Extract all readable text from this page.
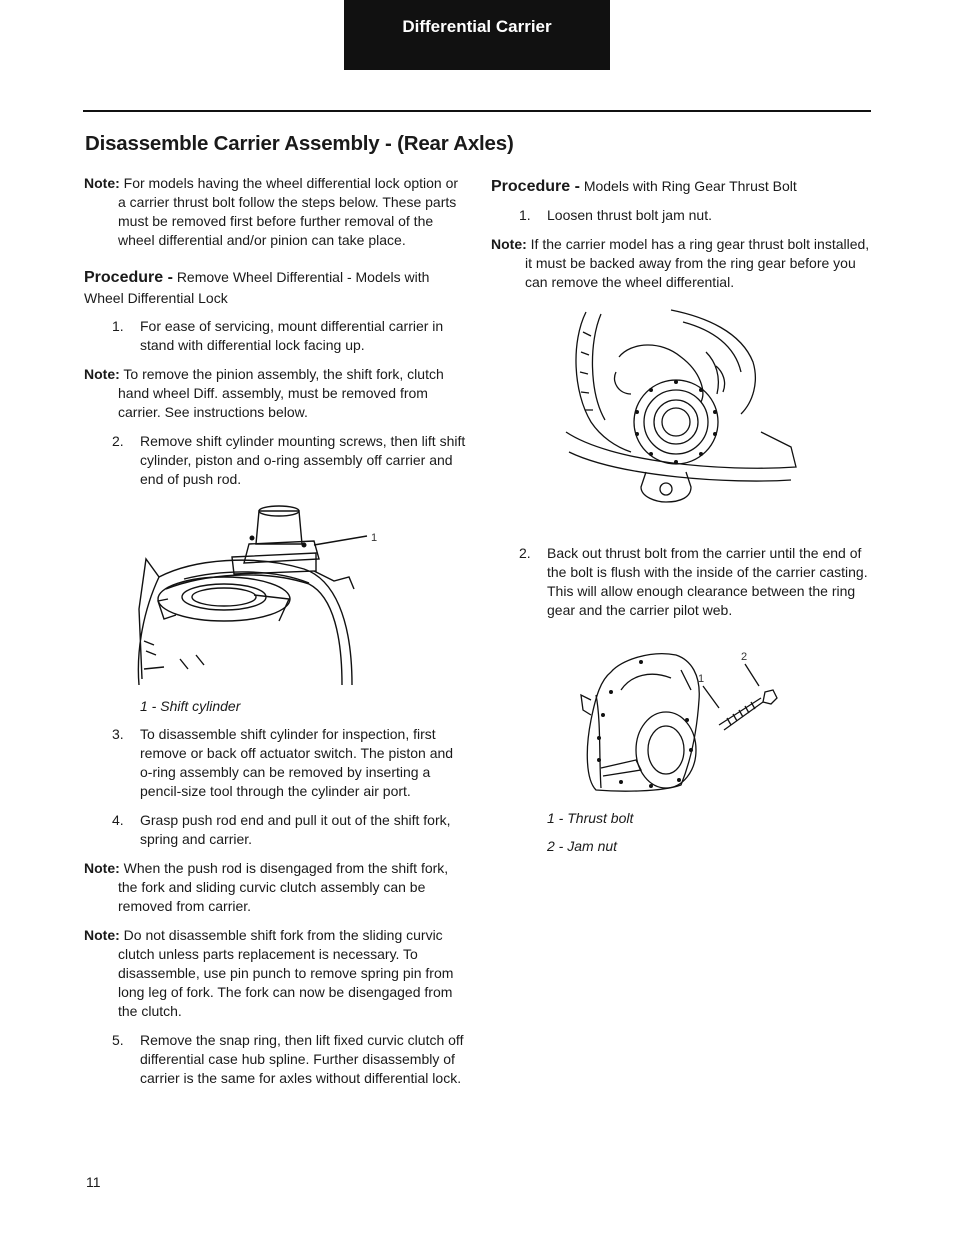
Differential Carrier
Disassemble Carrier Assembly - (Rear Axles)

Note: For models having the wheel differential lock option or a carrier thrust bolt follow the steps below. These parts must be removed first before further removal of the wheel differential and/or pinion can take place.

Procedure - Remove Wheel Differential - Models with Wheel Differential Lock

1. For ease of servicing, mount differential carrier in stand with differential lock facing up.

Note: To remove the pinion assembly, the shift fork, clutch hand wheel Diff. assembly, must be removed from carrier. See instructions below.

2. Remove shift cylinder mounting screws, then lift shift cylinder, piston and o-ring assembly off carrier and end of push rod.
1

1 - Shift cylinder

3. To disassemble shift cylinder for inspection, first remove or back off actuator switch. The piston and o-ring assembly can be removed by inserting a pencil-size tool through the cylinder air port.
4. Grasp push rod end and pull it out of the shift fork, spring and carrier.

Note: When the push rod is disengaged from the shift fork, the fork and sliding curvic clutch assembly can be removed from carrier.

Note: Do not disassemble shift fork from the sliding curvic clutch unless parts replacement is necessary. To disassemble, use pin punch to remove spring pin from long leg of fork. The fork can now be disengaged from the clutch.

5. Remove the snap ring, then lift fixed curvic clutch off differential case hub spline. Further disassembly of carrier is the same for axles without differential lock.

Procedure - Models with Ring Gear Thrust Bolt

1. Loosen thrust bolt jam nut.

Note: If the carrier model has a ring gear thrust bolt installed, it must be backed away from the ring gear before you can remove the wheel differential.

2. Back out thrust bolt from the carrier until the end of the bolt is flush with the inside of the carrier casting. This will allow enough clearance between the ring gear and the carrier pilot web.
1
2

1 - Thrust bolt

2 - Jam nut

11
